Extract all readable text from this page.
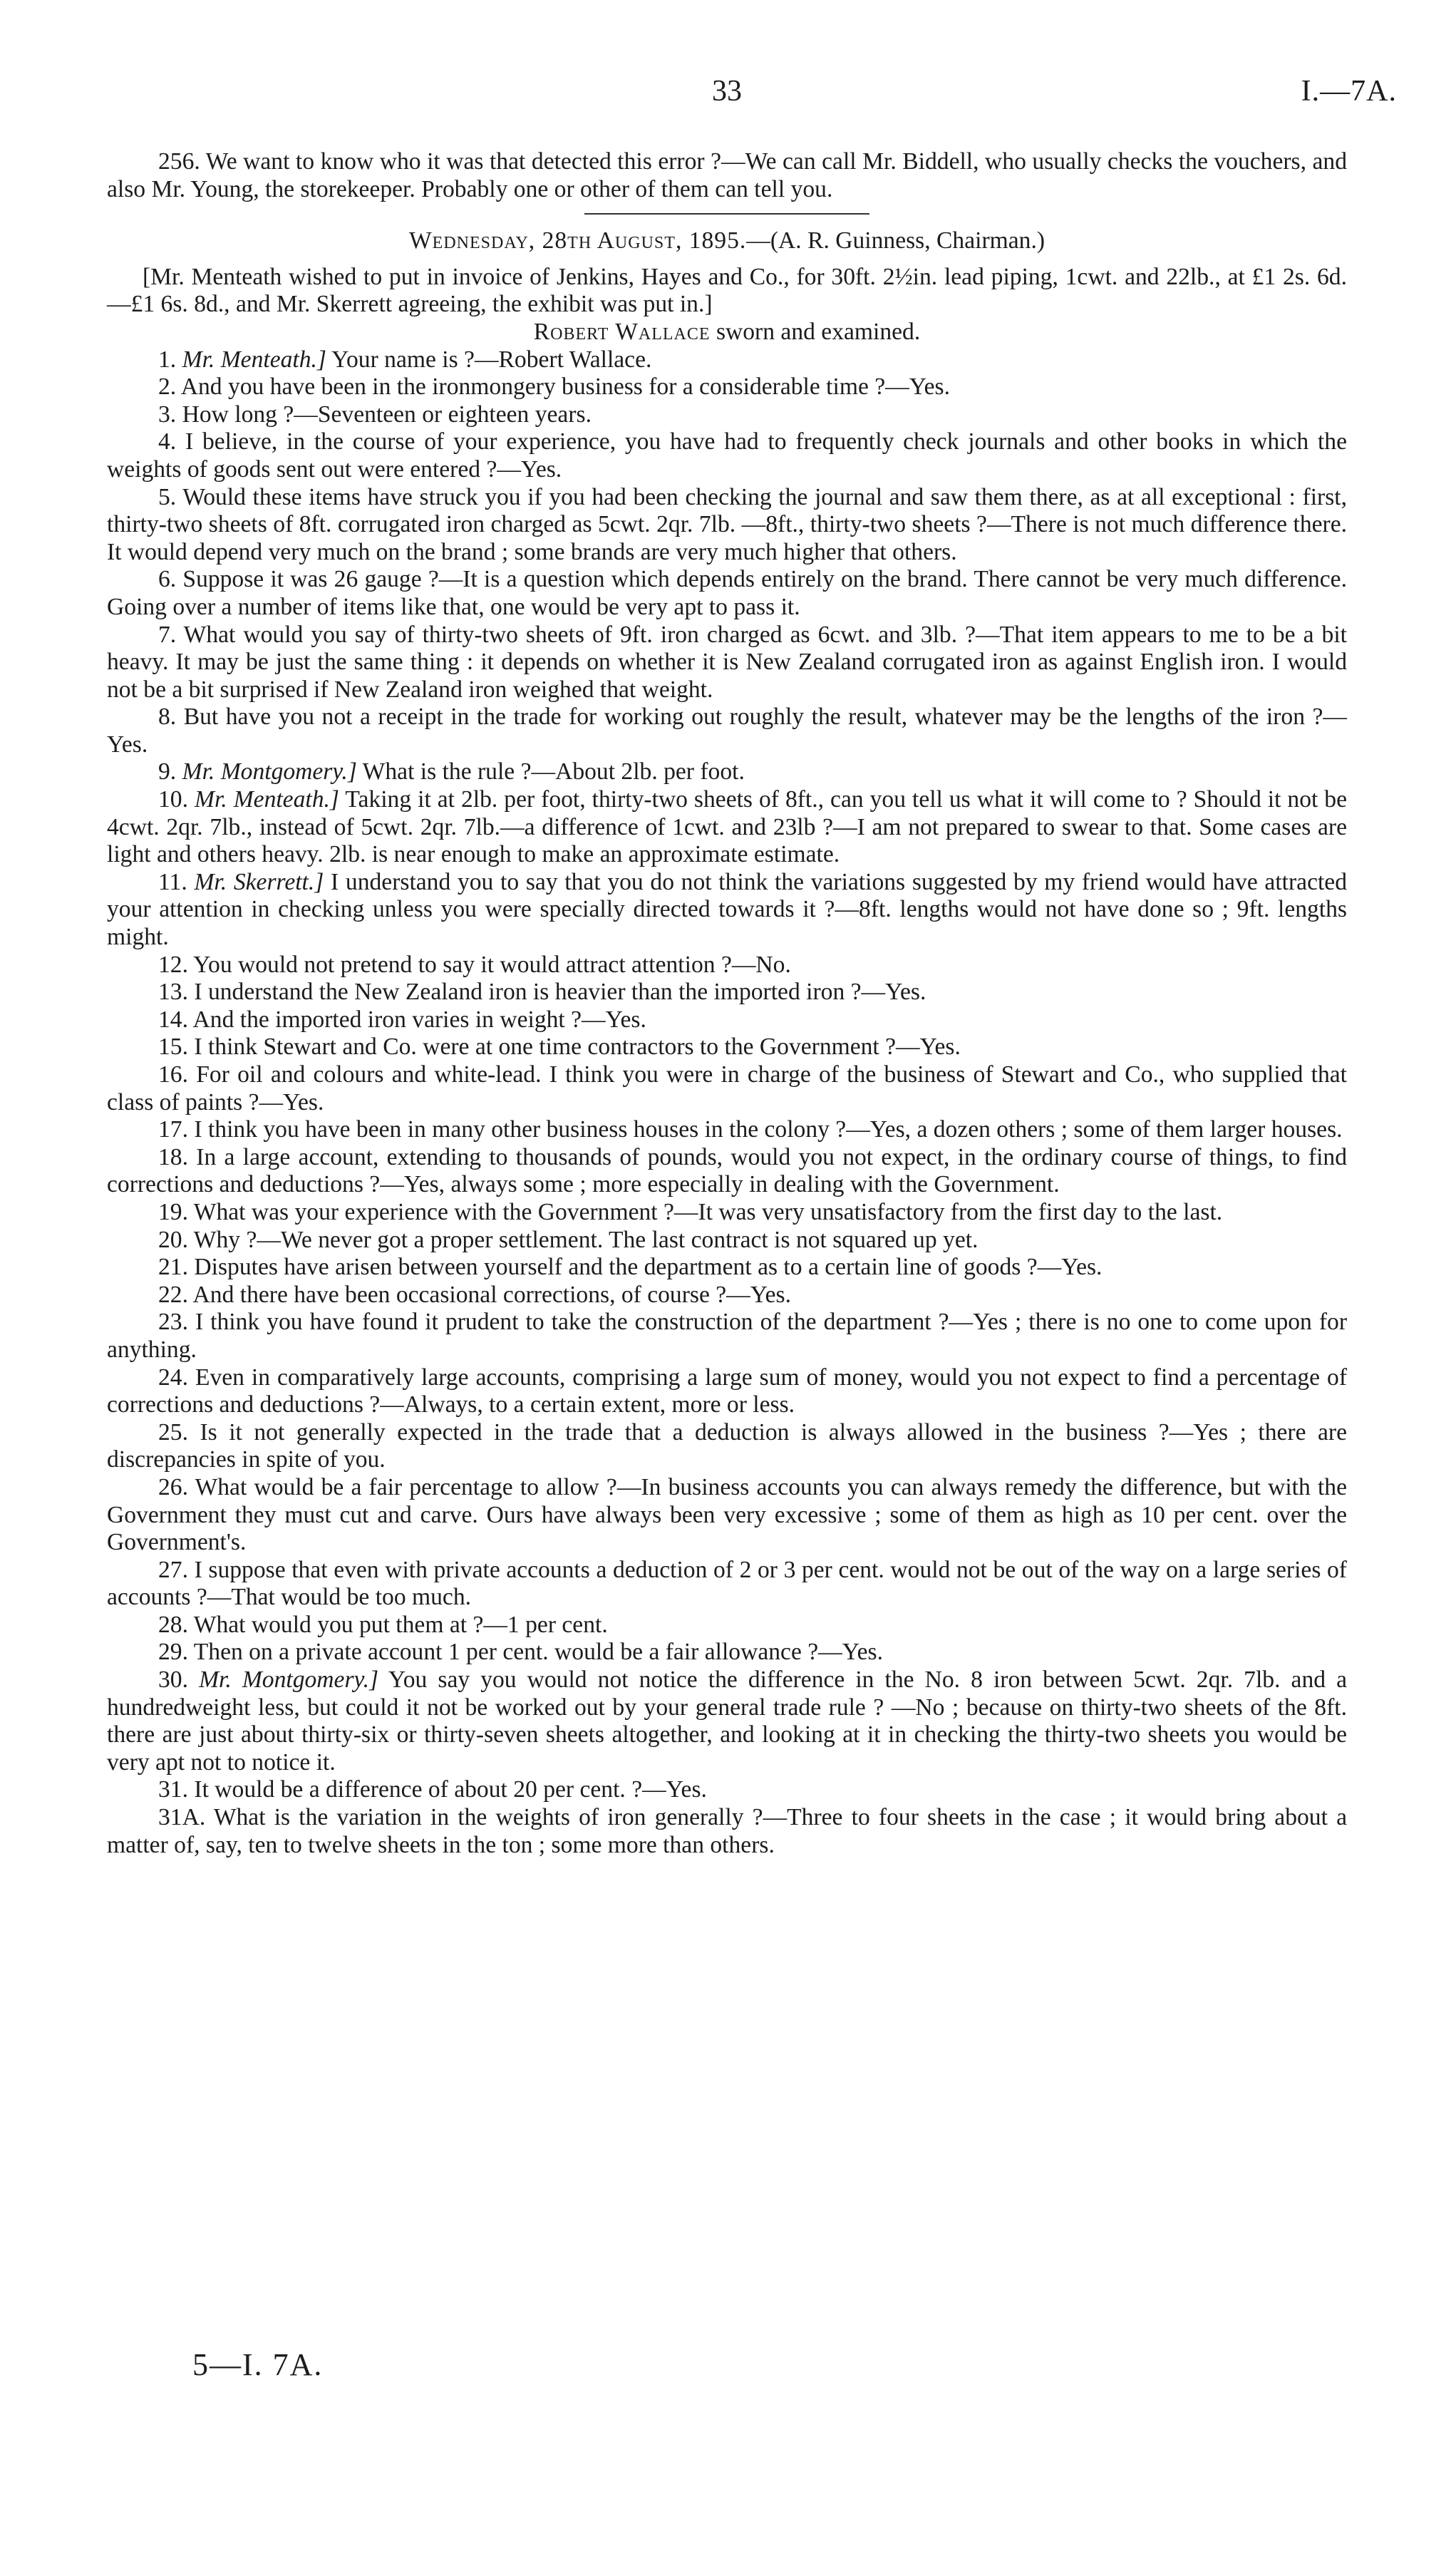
33	I.—7A.

256. We want to know who it was that detected this error ?—We can call Mr. Biddell, who usually checks the vouchers, and also Mr. Young, the storekeeper. Probably one or other of them can tell you.

Wednesday, 28th August, 1895.—(A. R. Guinness, Chairman.)

[Mr. Menteath wished to put in invoice of Jenkins, Hayes and Co., for 30ft. 2½in. lead piping, 1cwt. and 22lb., at £1 2s. 6d.—£1 6s. 8d., and Mr. Skerrett agreeing, the exhibit was put in.]

Robert Wallace sworn and examined.

1. Mr. Menteath.] Your name is ?—Robert Wallace.

2. And you have been in the ironmongery business for a considerable time ?—Yes.

3. How long ?—Seventeen or eighteen years.

4. I believe, in the course of your experience, you have had to frequently check journals and other books in which the weights of goods sent out were entered ?—Yes.

5. Would these items have struck you if you had been checking the journal and saw them there, as at all exceptional : first, thirty-two sheets of 8ft. corrugated iron charged as 5cwt. 2qr. 7lb. —8ft., thirty-two sheets ?—There is not much difference there. It would depend very much on the brand ; some brands are very much higher that others.

6. Suppose it was 26 gauge ?—It is a question which depends entirely on the brand. There cannot be very much difference. Going over a number of items like that, one would be very apt to pass it.

7. What would you say of thirty-two sheets of 9ft. iron charged as 6cwt. and 3lb. ?—That item appears to me to be a bit heavy. It may be just the same thing : it depends on whether it is New Zealand corrugated iron as against English iron. I would not be a bit surprised if New Zealand iron weighed that weight.

8. But have you not a receipt in the trade for working out roughly the result, whatever may be the lengths of the iron ?—Yes.

9. Mr. Montgomery.] What is the rule ?—About 2lb. per foot.

10. Mr. Menteath.] Taking it at 2lb. per foot, thirty-two sheets of 8ft., can you tell us what it will come to ? Should it not be 4cwt. 2qr. 7lb., instead of 5cwt. 2qr. 7lb.—a difference of 1cwt. and 23lb ?—I am not prepared to swear to that. Some cases are light and others heavy. 2lb. is near enough to make an approximate estimate.

11. Mr. Skerrett.] I understand you to say that you do not think the variations suggested by my friend would have attracted your attention in checking unless you were specially directed towards it ?—8ft. lengths would not have done so ; 9ft. lengths might.

12. You would not pretend to say it would attract attention ?—No.

13. I understand the New Zealand iron is heavier than the imported iron ?—Yes.

14. And the imported iron varies in weight ?—Yes.

15. I think Stewart and Co. were at one time contractors to the Government ?—Yes.

16. For oil and colours and white-lead. I think you were in charge of the business of Stewart and Co., who supplied that class of paints ?—Yes.

17. I think you have been in many other business houses in the colony ?—Yes, a dozen others ; some of them larger houses.

18. In a large account, extending to thousands of pounds, would you not expect, in the ordinary course of things, to find corrections and deductions ?—Yes, always some ; more especially in dealing with the Government.

19. What was your experience with the Government ?—It was very unsatisfactory from the first day to the last.

20. Why ?—We never got a proper settlement. The last contract is not squared up yet.

21. Disputes have arisen between yourself and the department as to a certain line of goods ?—Yes.

22. And there have been occasional corrections, of course ?—Yes.

23. I think you have found it prudent to take the construction of the department ?—Yes ; there is no one to come upon for anything.

24. Even in comparatively large accounts, comprising a large sum of money, would you not expect to find a percentage of corrections and deductions ?—Always, to a certain extent, more or less.

25. Is it not generally expected in the trade that a deduction is always allowed in the business ?—Yes ; there are discrepancies in spite of you.

26. What would be a fair percentage to allow ?—In business accounts you can always remedy the difference, but with the Government they must cut and carve. Ours have always been very excessive ; some of them as high as 10 per cent. over the Government's.

27. I suppose that even with private accounts a deduction of 2 or 3 per cent. would not be out of the way on a large series of accounts ?—That would be too much.

28. What would you put them at ?—1 per cent.

29. Then on a private account 1 per cent. would be a fair allowance ?—Yes.

30. Mr. Montgomery.] You say you would not notice the difference in the No. 8 iron between 5cwt. 2qr. 7lb. and a hundredweight less, but could it not be worked out by your general trade rule ? —No ; because on thirty-two sheets of the 8ft. there are just about thirty-six or thirty-seven sheets altogether, and looking at it in checking the thirty-two sheets you would be very apt not to notice it.

31. It would be a difference of about 20 per cent. ?—Yes.

31A. What is the variation in the weights of iron generally ?—Three to four sheets in the case ; it would bring about a matter of, say, ten to twelve sheets in the ton ; some more than others.

5—I. 7A.
